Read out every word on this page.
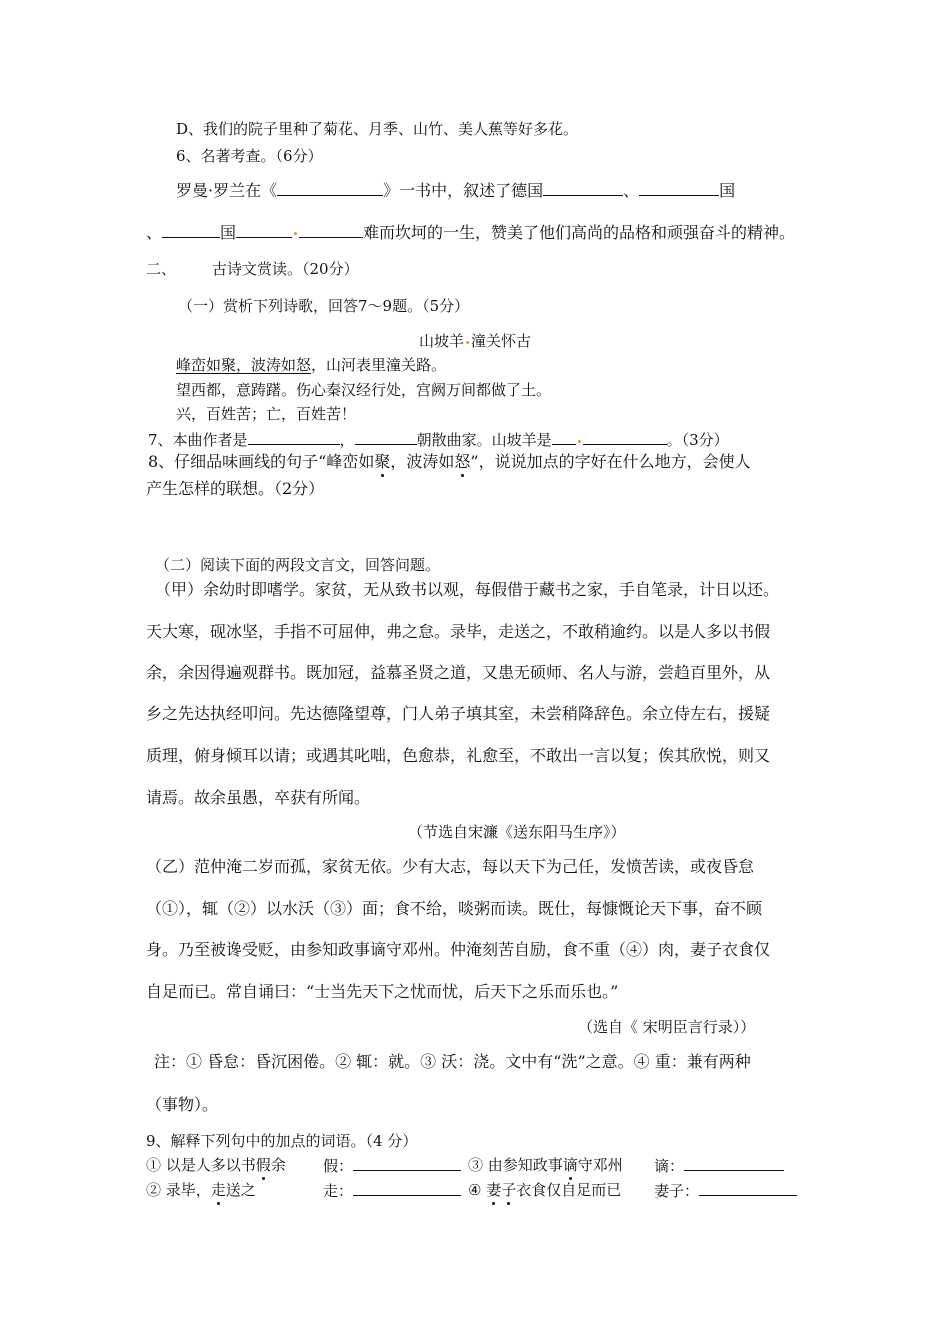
D、我们的院子里种了菊花、月季、山竹、美人蕉等好多花。
6、名著考查。（6分）
罗曼·罗兰在《	》一书中，叙述了德国	、	国
、	国	难而坎坷的一生，赞美了他们高尚的品格和顽强奋斗的精神。
二、 古诗文赏读。（20分）
（一）赏析下列诗歌，回答7～9题。（5分）
山坡羊 潼关怀古
峰峦如聚，波涛如怒，山河表里潼关路。
望西都，意踌躇。伤心秦汉经行处，宫阙万间都做了土。
兴，百姓苦；亡，百姓苦！
7、本曲作者是	，	朝散曲家。山坡羊是	。（3分）
8、仔细品味画线的句子“峰峦如聚，波涛如怒”，说说加点的字好在什么地方，会使人
产生怎样的联想。（2分）
（二）阅读下面的两段文言文，回答问题。
（甲）余幼时即嗜学。家贫，无从致书以观，每假借于藏书之家，手自笔录，计日以还。
天大寒，砚冰坚，手指不可屈伸，弗之怠。录毕，走送之，不敢稍逾约。以是人多以书假
余，余因得遍观群书。既加冠，益慕圣贤之道，又患无硕师、名人与游，尝趋百里外，从
乡之先达执经叩问。先达德隆望尊，门人弟子填其室，未尝稍降辞色。余立侍左右，援疑
质理，俯身倾耳以请；或遇其叱咄，色愈恭，礼愈至，不敢出一言以复；俟其欣悦，则又
请焉。故余虽愚，卒获有所闻。
（节选自宋濂《送东阳马生序》）
（乙）范仲淹二岁而孤，家贫无依。少有大志，每以天下为己任，发愤苦读，或夜昏怠
（①），辄（②）以水沃（③）面；食不给，啖粥而读。既仕，每慷慨论天下事，奋不顾
身。乃至被谗受贬，由参知政事谪守邓州。仲淹刻苦自励，食不重（④）肉，妻子衣食仅
自足而已。常自诵曰：“士当先天下之忧而忧，后天下之乐而乐也。”
（选自《 宋明臣言行录））
注：① 昏怠：昏沉困倦。② 辄：就。③ 沃：浇。文中有“洗”之意。④ 重：兼有两种
（事物）。
9、解释下列句中的加点的词语。（4 分）
① 以是人多以书假余 假：	③ 由参知政事谪守邓州 谪：
② 录毕，走送之	走：	④ 妻子衣食仅自足而已 妻子：
